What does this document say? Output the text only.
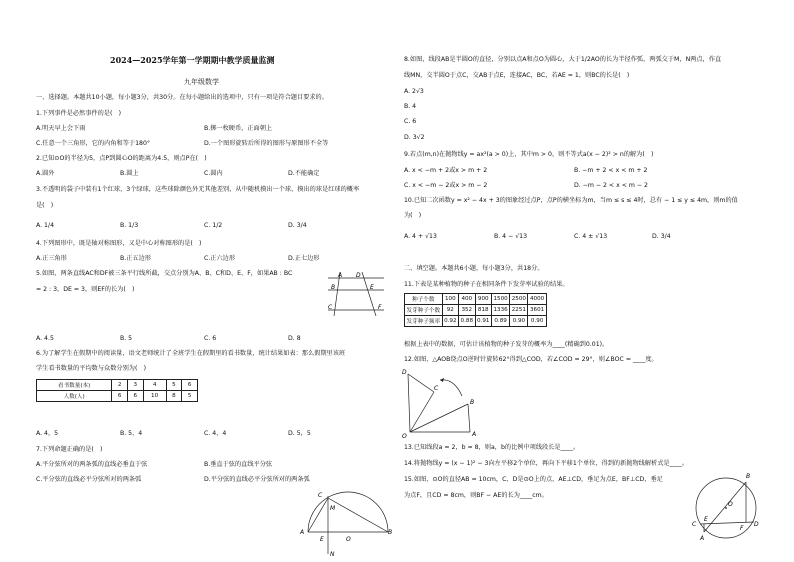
2024—2025学年第一学期期中教学质量监测
九年级数学
一、选择题。本题共10小题，每小题3分，共30分。在每小题给出的选项中，只有一项是符合题目要求的。
1.下列事件是必然事件的是(　)
A.明天早上会下雨	B.掷一枚硬币，正面朝上
C.任意一个三角形，它的内角和等于180°	D.一个图形旋转后所得的图形与原图形不全等
2.已知⊙O的半径为5，点P到圆心O的距离为4.5，则点P在(　)
A.圆外	B.圆上	C.圆内	D.不能确定
3.不透明的袋子中装有1个红球，3个绿球，这些球除颜色外无其他差别，从中随机摸出一个球，摸出的球是红球的概率
是(　)
A. 1/4	B. 1/3	C. 1/2	D. 3/4
4.下列图形中，既是轴对称图形，又是中心对称图形的是(　)
A.正三角形	B.正五边形	C.正六边形	D.正七边形
5.如图，两条直线AC和DF被三条平行线所截，交点分别为A、B、C和D、E、F，如果AB : BC
= 2 : 3，DE = 3，则EF的长为(　)
A D
B	E
C	F
A. 4.5	B. 5	C. 6	D. 8
6.为了解学生在假期中的阅读量，语文老师统计了全班学生在假期里的看书数量，统计结果如表：那么假期里该班
学生看书数量的平均数与众数分别为(　)
看书数量(本)	2	3	4	5	6
人数(人)	6	6	10	8	5
A. 4，5	B. 5，4	C. 4，4	D. 5，5
7.下列命题正确的是(　)
A.平分弦所对的两条弧的直线必垂直于弦	B.垂直于弦的直线平分弦
C.平分弦的直线必平分弦所对的两条弧	D.平分弦的直线必平分弦所对的两条弧
C
M
A
E	O
B
N
8.如图，线段AB是半圆O的直径，分别以点A和点O为圆心，大于1/2AO的长为半径作弧，两弧交于M，N两点，作直
线MN，交半圆O于点C，交AB于点E，连接AC，BC，若AE = 1，则BC的长是(　)
A. 2√3
B. 4
C. 6
D. 3√2
9.若点(m,n)在抛物线y = ax²(a > 0)上，其中m > 0，则不等式a(x − 2)² > n的解为(　)
A. x < −m + 2或x > m + 2	B. −m + 2 < x < m + 2
C. x < −m − 2或x > m − 2	D. −m − 2 < x < m − 2
10.已知二次函数y = x² − 4x + 3的图象经过点P，点P的横坐标为m，当m ≤ s ≤ 4时，总有 − 1 ≤ y ≤ 4m，则m的值
为(　)
A. 4 + √13	B. 4 − √13	C. 4 ± √13	D. 3/4
二、填空题。本题共6小题，每小题3分，共18分。
11.下表是某种植物的种子在相同条件下发芽率试验的结果。
种子个数	100	400	900	1500	2500	4000
发芽种子个数	92	352	818	1336	2251	3601
发芽种子频率	0.92	0.88	0.91	0.89	0.90	0.90
根据上表中的数据，可估计该植物的种子发芽的概率为____(精确到0.01)。
12.如图，△AOB绕点O逆时针旋转62°得到△COD，若∠COD = 29°，则∠BOC = ____度。
D
C
B
A
O
13.已知线段a = 2，b = 8，则a，b的比例中项线段长是____。
14.将抛物线y = (x − 1)² − 3向左平移2个单位，再向下平移1个单位，得到的新抛物线解析式是____。
15.如图，⊙O的直径AB = 10cm，C、D是⊙O上的点，AE⊥CD，垂足为点E，BF⊥CD，垂足
为点F，且CD = 8cm，则BF − AE的长为____cm。
C	D
E
F
A
B
O
